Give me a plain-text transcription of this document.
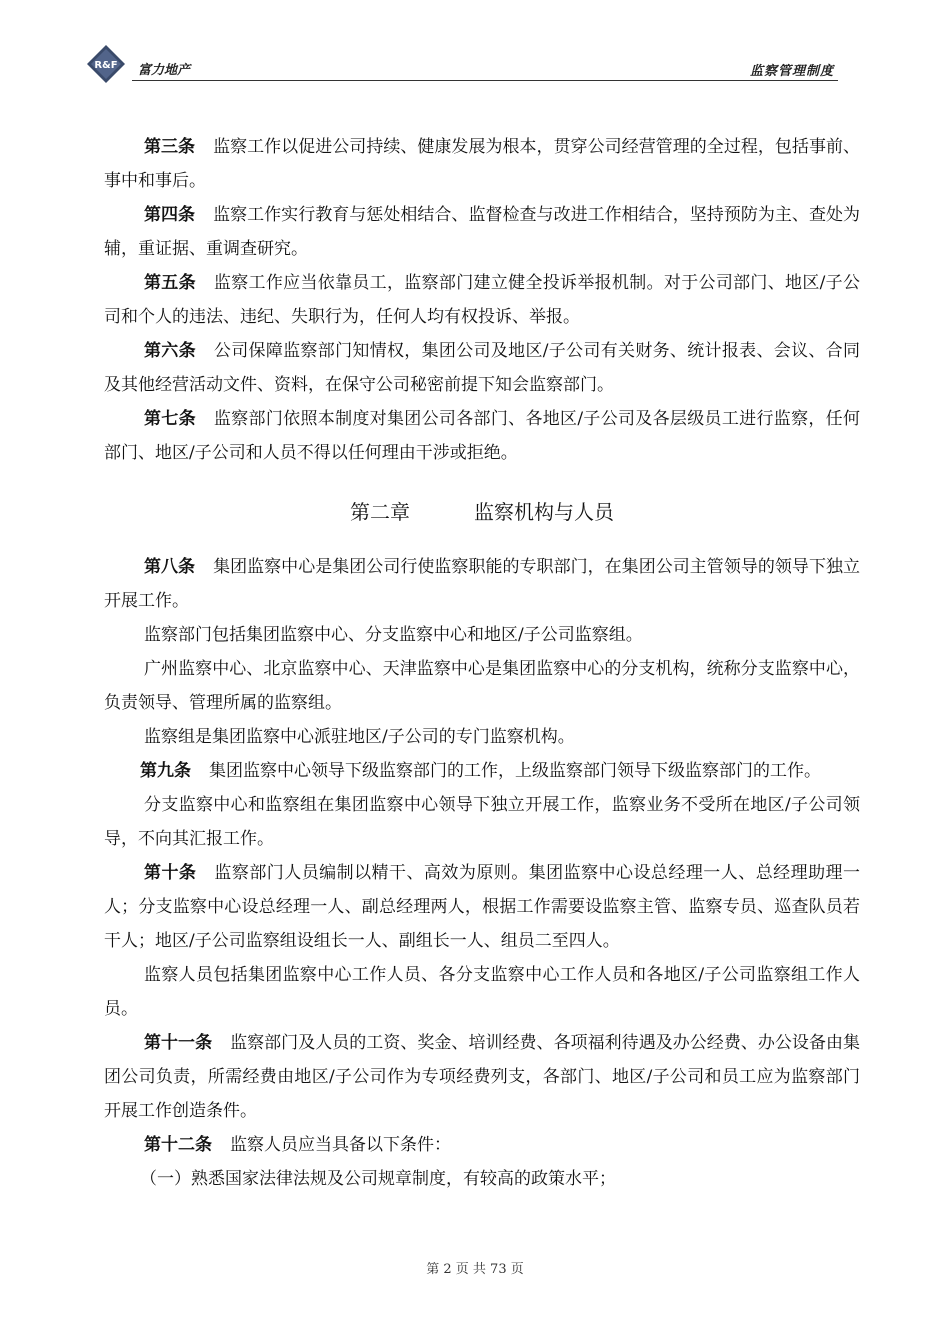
R&F 富力地产	监察管理制度

第三条 监察工作以促进公司持续、健康发展为根本，贯穿公司经营管理的全过程，包括事前、事中和事后。

第四条 监察工作实行教育与惩处相结合、监督检查与改进工作相结合，坚持预防为主、查处为辅，重证据、重调查研究。

第五条 监察工作应当依靠员工，监察部门建立健全投诉举报机制。对于公司部门、地区/子公司和个人的违法、违纪、失职行为，任何人均有权投诉、举报。

第六条 公司保障监察部门知情权，集团公司及地区/子公司有关财务、统计报表、会议、合同及其他经营活动文件、资料，在保守公司秘密前提下知会监察部门。

第七条 监察部门依照本制度对集团公司各部门、各地区/子公司及各层级员工进行监察，任何部门、地区/子公司和人员不得以任何理由干涉或拒绝。

第二章	监察机构与人员

第八条 集团监察中心是集团公司行使监察职能的专职部门，在集团公司主管领导的领导下独立开展工作。

监察部门包括集团监察中心、分支监察中心和地区/子公司监察组。

广州监察中心、北京监察中心、天津监察中心是集团监察中心的分支机构，统称分支监察中心，负责领导、管理所属的监察组。

监察组是集团监察中心派驻地区/子公司的专门监察机构。

第九条 集团监察中心领导下级监察部门的工作，上级监察部门领导下级监察部门的工作。

分支监察中心和监察组在集团监察中心领导下独立开展工作，监察业务不受所在地区/子公司领导，不向其汇报工作。

第十条 监察部门人员编制以精干、高效为原则。集团监察中心设总经理一人、总经理助理一人；分支监察中心设总经理一人、副总经理两人，根据工作需要设监察主管、监察专员、巡查队员若干人；地区/子公司监察组设组长一人、副组长一人、组员二至四人。

监察人员包括集团监察中心工作人员、各分支监察中心工作人员和各地区/子公司监察组工作人员。

第十一条 监察部门及人员的工资、奖金、培训经费、各项福利待遇及办公经费、办公设备由集团公司负责，所需经费由地区/子公司作为专项经费列支，各部门、地区/子公司和员工应为监察部门开展工作创造条件。

第十二条 监察人员应当具备以下条件：

（一）熟悉国家法律法规及公司规章制度，有较高的政策水平；

第 2 页 共 73 页
